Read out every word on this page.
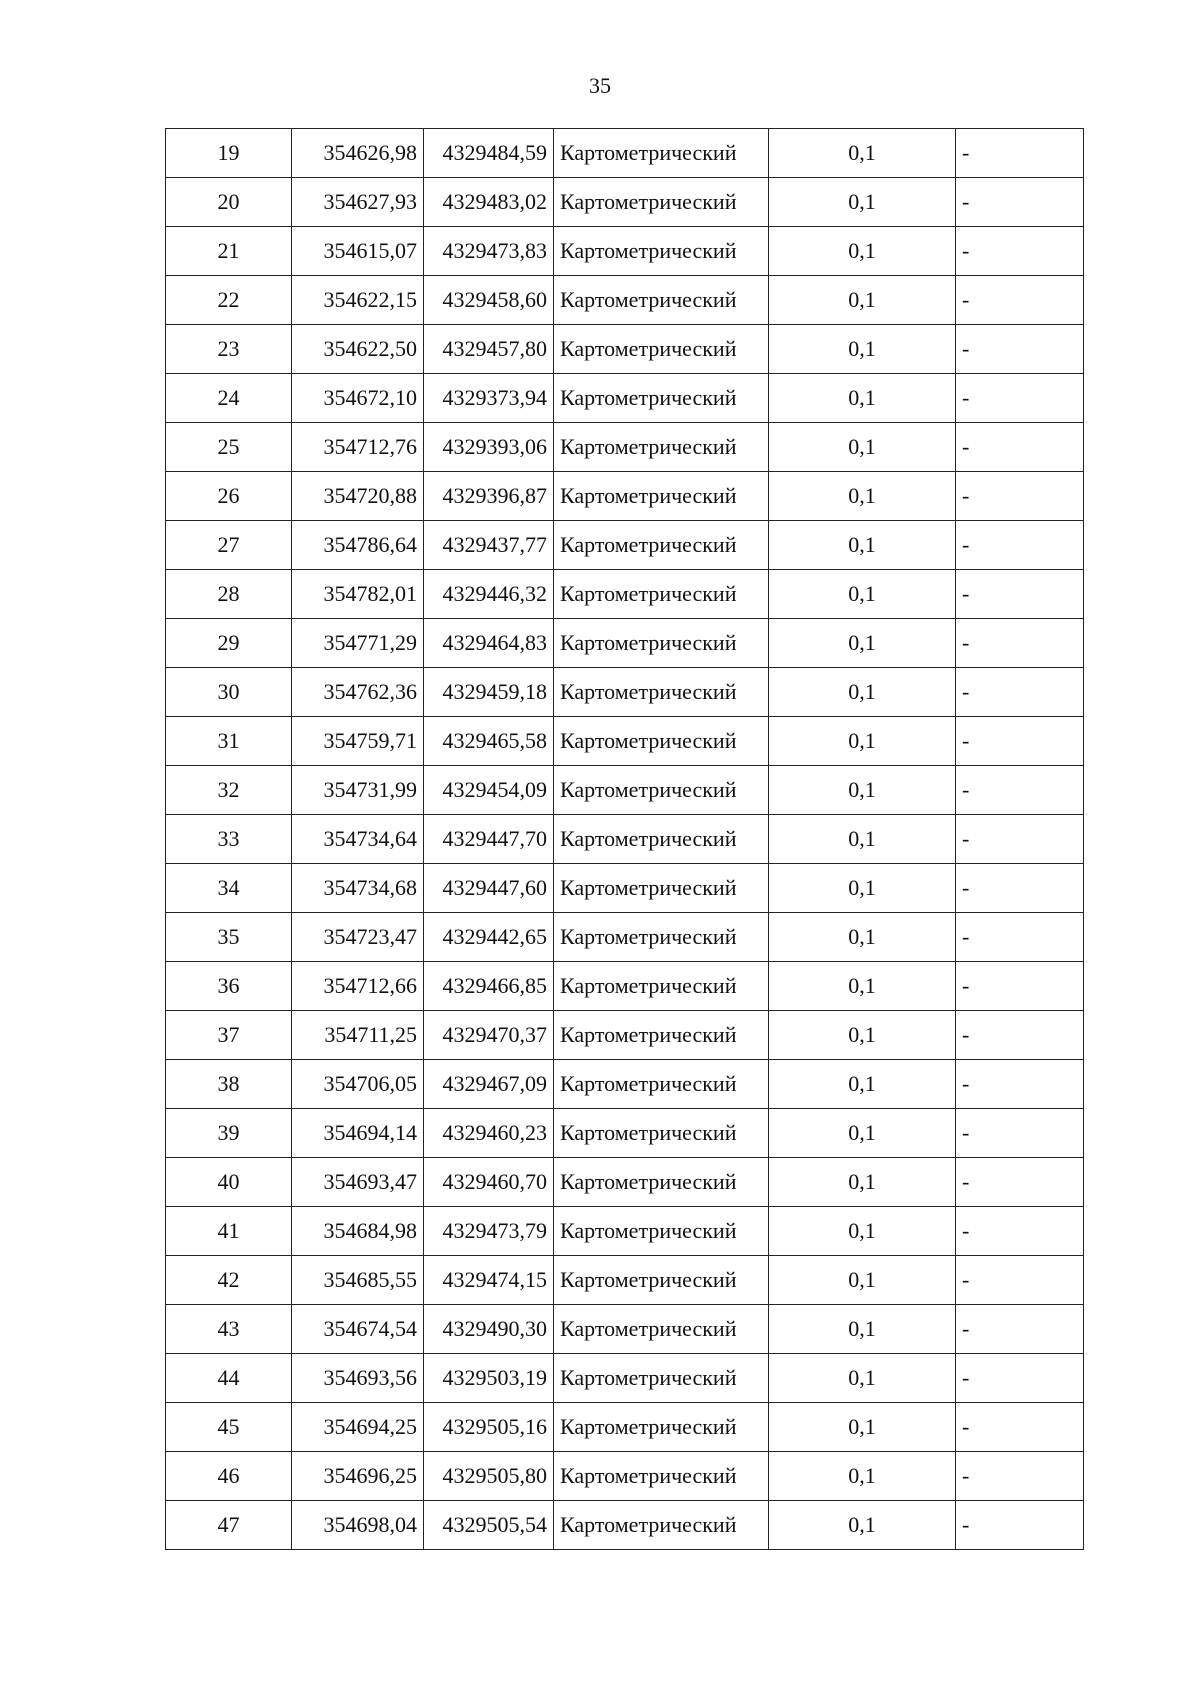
35
19	354626,98	4329484,59	Картометрический	0,1	-
20	354627,93	4329483,02	Картометрический	0,1	-
21	354615,07	4329473,83	Картометрический	0,1	-
22	354622,15	4329458,60	Картометрический	0,1	-
23	354622,50	4329457,80	Картометрический	0,1	-
24	354672,10	4329373,94	Картометрический	0,1	-
25	354712,76	4329393,06	Картометрический	0,1	-
26	354720,88	4329396,87	Картометрический	0,1	-
27	354786,64	4329437,77	Картометрический	0,1	-
28	354782,01	4329446,32	Картометрический	0,1	-
29	354771,29	4329464,83	Картометрический	0,1	-
30	354762,36	4329459,18	Картометрический	0,1	-
31	354759,71	4329465,58	Картометрический	0,1	-
32	354731,99	4329454,09	Картометрический	0,1	-
33	354734,64	4329447,70	Картометрический	0,1	-
34	354734,68	4329447,60	Картометрический	0,1	-
35	354723,47	4329442,65	Картометрический	0,1	-
36	354712,66	4329466,85	Картометрический	0,1	-
37	354711,25	4329470,37	Картометрический	0,1	-
38	354706,05	4329467,09	Картометрический	0,1	-
39	354694,14	4329460,23	Картометрический	0,1	-
40	354693,47	4329460,70	Картометрический	0,1	-
41	354684,98	4329473,79	Картометрический	0,1	-
42	354685,55	4329474,15	Картометрический	0,1	-
43	354674,54	4329490,30	Картометрический	0,1	-
44	354693,56	4329503,19	Картометрический	0,1	-
45	354694,25	4329505,16	Картометрический	0,1	-
46	354696,25	4329505,80	Картометрический	0,1	-
47	354698,04	4329505,54	Картометрический	0,1	-
